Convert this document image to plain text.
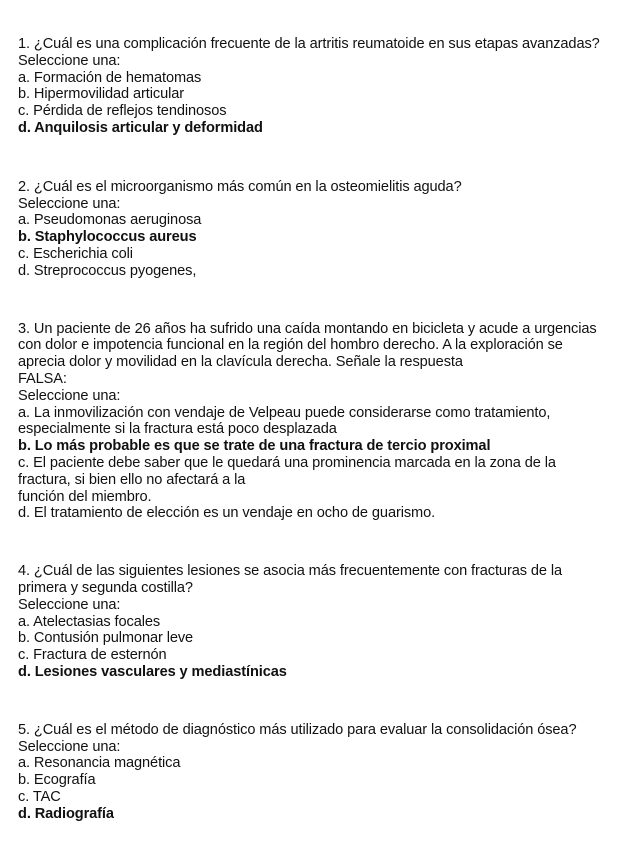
1. ¿Cuál es una complicación frecuente de la artritis reumatoide en sus etapas avanzadas?
Seleccione una:
a. Formación de hematomas
b. Hipermovilidad articular
c. Pérdida de reflejos tendinosos
d. Anquilosis articular y deformidad
2. ¿Cuál es el microorganismo más común en la osteomielitis aguda?
Seleccione una:
a. Pseudomonas aeruginosa
b. Staphylococcus aureus
c. Escherichia coli
d. Streprococcus pyogenes,
3. Un paciente de 26 años ha sufrido una caída montando en bicicleta y acude a urgencias
con dolor e impotencia funcional en la región del hombro derecho. A la exploración se
aprecia dolor y movilidad en la clavícula derecha. Señale la respuesta
FALSA:
Seleccione una:
a. La inmovilización con vendaje de Velpeau puede considerarse como tratamiento,
especialmente si la fractura está poco desplazada
b. Lo más probable es que se trate de una fractura de tercio proximal
c. El paciente debe saber que le quedará una prominencia marcada en la zona de la
fractura, si bien ello no afectará a la
función del miembro.
d. El tratamiento de elección es un vendaje en ocho de guarismo.
4. ¿Cuál de las siguientes lesiones se asocia más frecuentemente con fracturas de la
primera y segunda costilla?
Seleccione una:
a. Atelectasias focales
b. Contusión pulmonar leve
c. Fractura de esternón
d. Lesiones vasculares y mediastínicas
5. ¿Cuál es el método de diagnóstico más utilizado para evaluar la consolidación ósea?
Seleccione una:
a. Resonancia magnética
b. Ecografía
c. TAC
d. Radiografía
